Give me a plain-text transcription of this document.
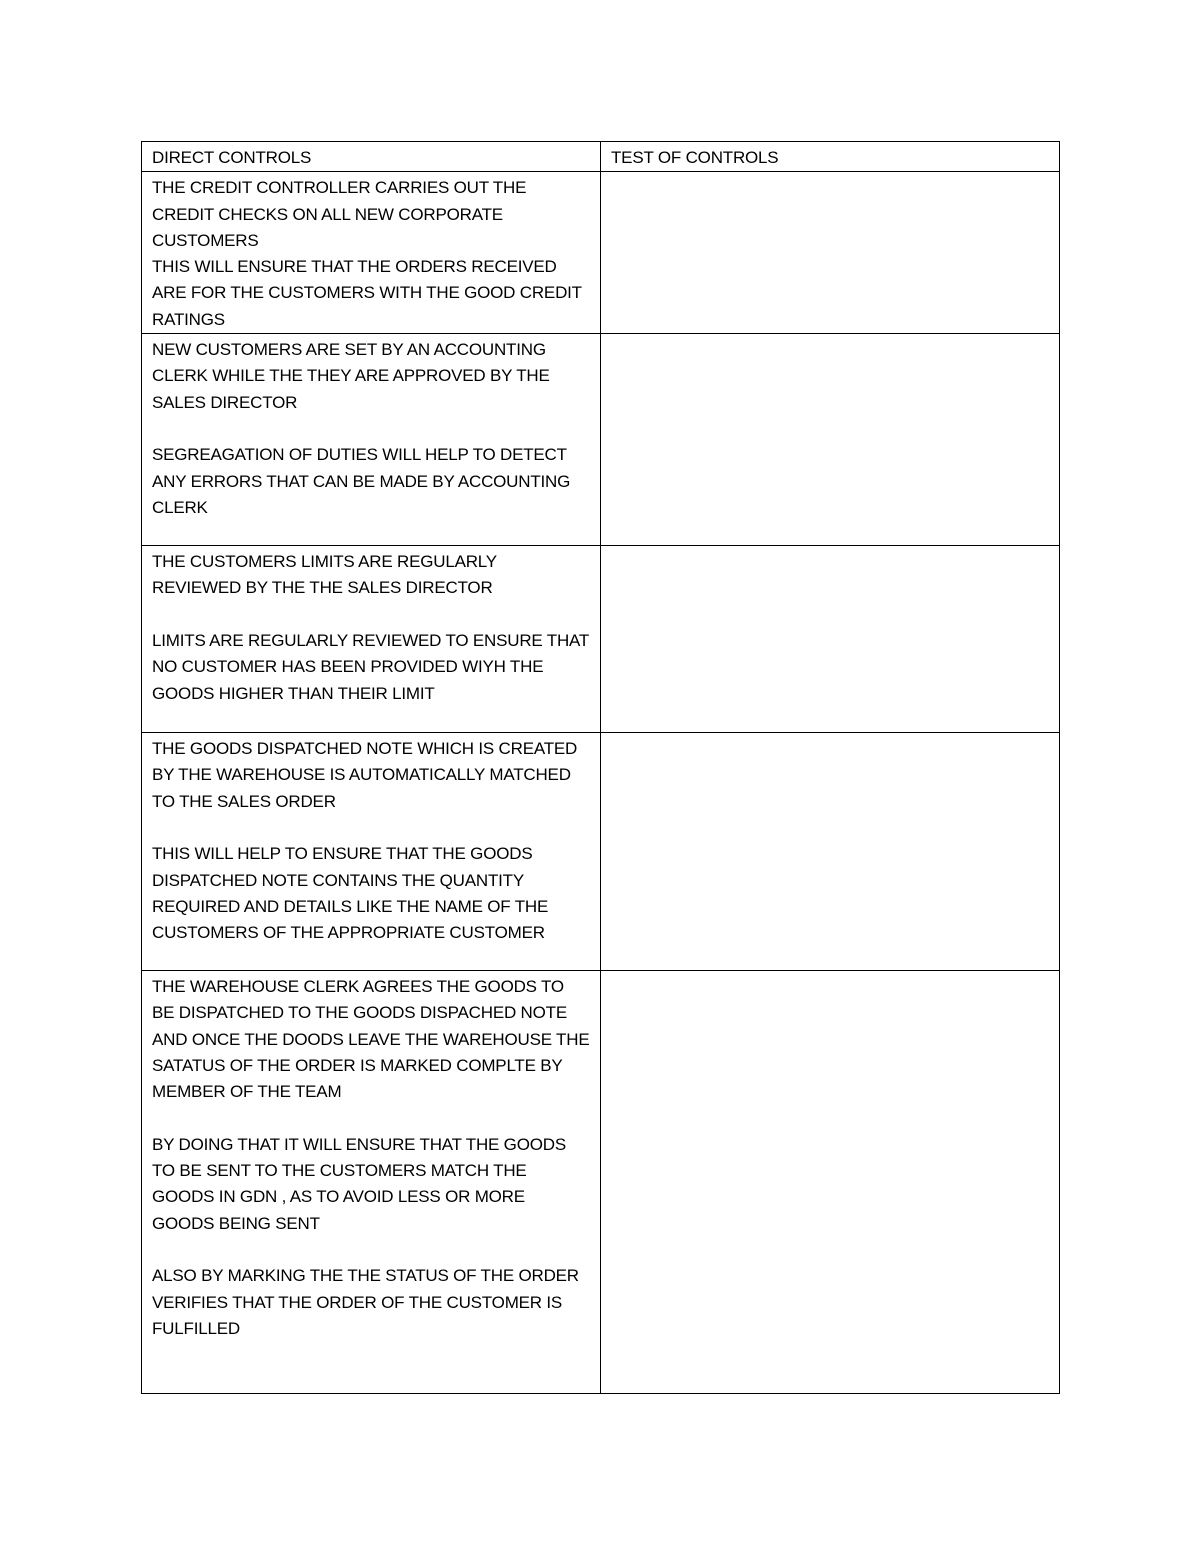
DIRECT CONTROLS	TEST OF CONTROLS

THE CREDIT CONTROLLER CARRIES OUT THE CREDIT CHECKS ON ALL NEW CORPORATE CUSTOMERS
THIS WILL ENSURE THAT THE ORDERS RECEIVED ARE FOR THE CUSTOMERS WITH THE GOOD CREDIT RATINGS	

NEW CUSTOMERS ARE SET BY AN ACCOUNTING CLERK WHILE THE THEY ARE APPROVED BY THE SALES DIRECTOR
SEGREAGATION OF DUTIES WILL HELP TO DETECT ANY ERRORS THAT CAN BE MADE BY ACCOUNTING CLERK	

THE CUSTOMERS LIMITS ARE REGULARLY REVIEWED BY THE THE SALES DIRECTOR
LIMITS ARE REGULARLY REVIEWED TO ENSURE THAT NO CUSTOMER HAS BEEN PROVIDED WIYH THE GOODS HIGHER THAN THEIR LIMIT	

THE GOODS DISPATCHED NOTE WHICH IS CREATED BY THE WAREHOUSE IS AUTOMATICALLY MATCHED TO THE SALES ORDER
THIS WILL HELP TO ENSURE THAT THE GOODS DISPATCHED NOTE CONTAINS THE QUANTITY REQUIRED AND DETAILS LIKE THE NAME OF THE CUSTOMERS OF THE APPROPRIATE CUSTOMER	

THE WAREHOUSE CLERK AGREES THE GOODS TO BE DISPATCHED TO THE GOODS DISPACHED NOTE AND ONCE THE DOODS LEAVE THE WAREHOUSE THE SATATUS OF THE ORDER IS MARKED COMPLTE BY MEMBER OF THE TEAM
BY DOING THAT IT WILL ENSURE THAT THE GOODS TO BE SENT TO THE CUSTOMERS MATCH THE GOODS IN GDN , AS TO AVOID LESS OR MORE GOODS BEING SENT
ALSO BY MARKING THE THE STATUS OF THE ORDER VERIFIES THAT THE ORDER OF THE CUSTOMER IS FULFILLED	
